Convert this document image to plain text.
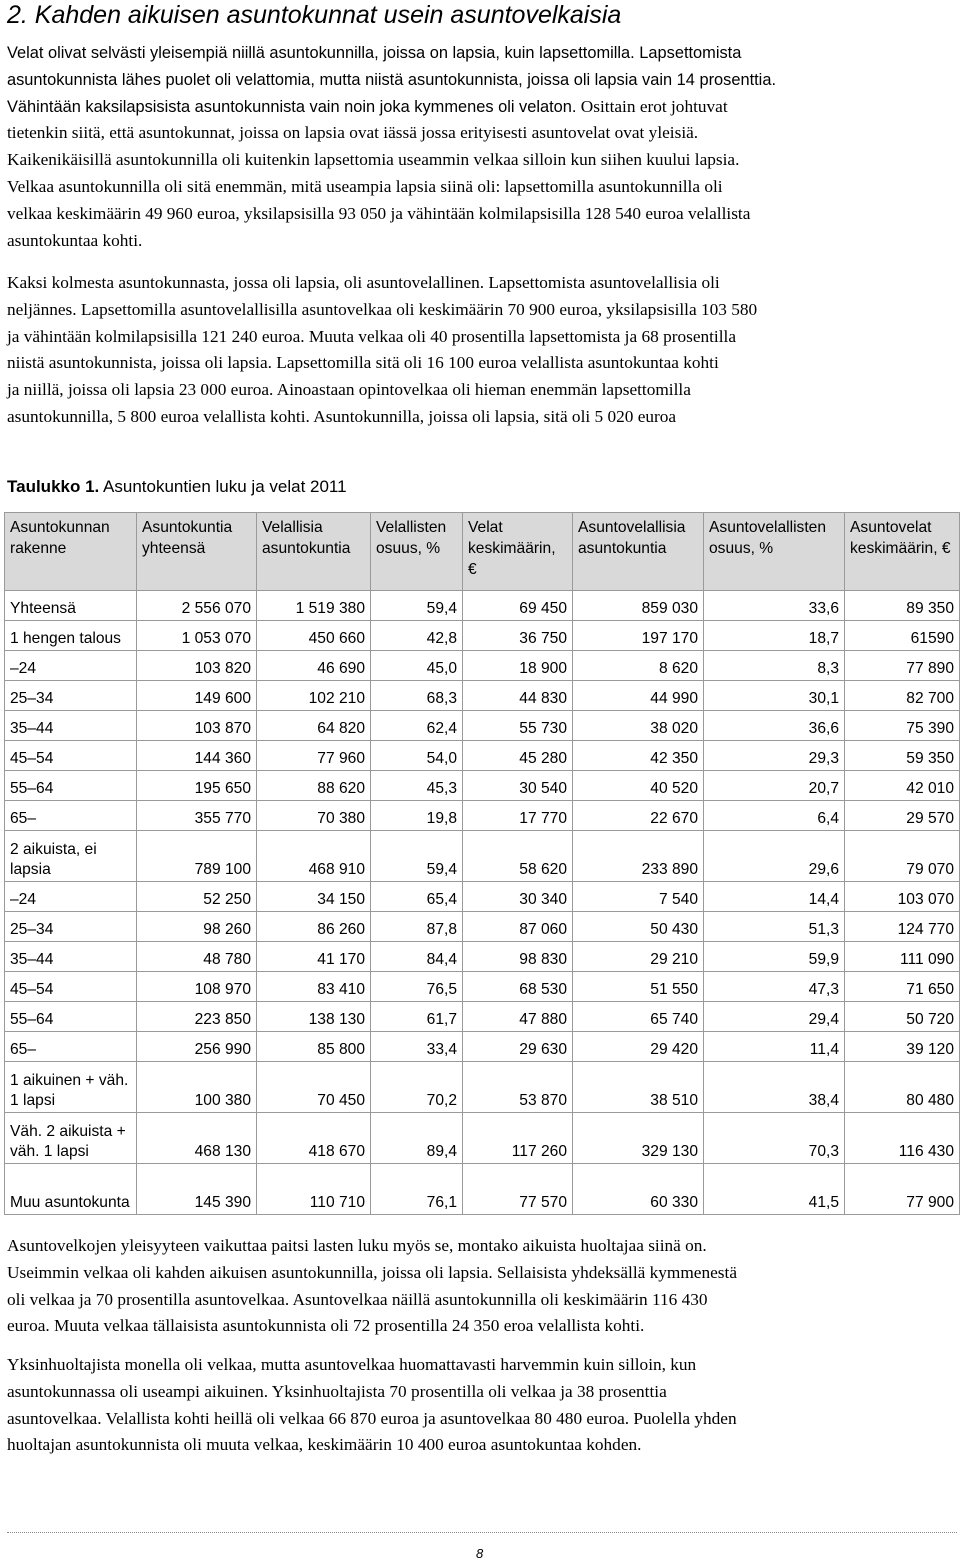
2. Kahden aikuisen asuntokunnat usein asuntovelkaisia

Velat olivat selvästi yleisempiä niillä asuntokunnilla, joissa on lapsia, kuin lapsettomilla. Lapsettomista
asuntokunnista lähes puolet oli velattomia, mutta niistä asuntokunnista, joissa oli lapsia vain 14 prosenttia.
Vähintään kaksilapsisista asuntokunnista vain noin joka kymmenes oli velaton. Osittain erot johtuvat
tietenkin siitä, että asuntokunnat, joissa on lapsia ovat iässä jossa erityisesti asuntovelat ovat yleisiä.
Kaikenikäisillä asuntokunnilla oli kuitenkin lapsettomia useammin velkaa silloin kun siihen kuului lapsia.
Velkaa asuntokunnilla oli sitä enemmän, mitä useampia lapsia siinä oli: lapsettomilla asuntokunnilla oli
velkaa keskimäärin 49 960 euroa, yksilapsisilla 93 050 ja vähintään kolmilapsisilla 128 540 euroa velallista
asuntokuntaa kohti.

Kaksi kolmesta asuntokunnasta, jossa oli lapsia, oli asuntovelallinen. Lapsettomista asuntovelallisia oli
neljännes. Lapsettomilla asuntovelallisilla asuntovelkaa oli keskimäärin 70 900 euroa, yksilapsisilla 103 580
ja vähintään kolmilapsisilla 121 240 euroa. Muuta velkaa oli 40 prosentilla lapsettomista ja 68 prosentilla
niistä asuntokunnista, joissa oli lapsia. Lapsettomilla sitä oli 16 100 euroa velallista asuntokuntaa kohti
ja niillä, joissa oli lapsia 23 000 euroa. Ainoastaan opintovelkaa oli hieman enemmän lapsettomilla
asuntokunnilla, 5 800 euroa velallista kohti. Asuntokunnilla, joissa oli lapsia, sitä oli 5 020 euroa

Taulukko 1. Asuntokuntien luku ja velat 2011

Asuntokunnan rakenne	Asuntokuntia yhteensä	Velallisia asuntokuntia	Velallisten osuus, %	Velat keskimäärin, €	Asuntovelallisia asuntokuntia	Asuntovelallisten osuus, %	Asuntovelat keskimäärin, €
Yhteensä	2 556 070	1 519 380	59,4	69 450	859 030	33,6	89 350
1 hengen talous	1 053 070	450 660	42,8	36 750	197 170	18,7	61590
–24	103 820	46 690	45,0	18 900	8 620	8,3	77 890
25–34	149 600	102 210	68,3	44 830	44 990	30,1	82 700
35–44	103 870	64 820	62,4	55 730	38 020	36,6	75 390
45–54	144 360	77 960	54,0	45 280	42 350	29,3	59 350
55–64	195 650	88 620	45,3	30 540	40 520	20,7	42 010
65–	355 770	70 380	19,8	17 770	22 670	6,4	29 570
2 aikuista, ei lapsia	789 100	468 910	59,4	58 620	233 890	29,6	79 070
–24	52 250	34 150	65,4	30 340	7 540	14,4	103 070
25–34	98 260	86 260	87,8	87 060	50 430	51,3	124 770
35–44	48 780	41 170	84,4	98 830	29 210	59,9	111 090
45–54	108 970	83 410	76,5	68 530	51 550	47,3	71 650
55–64	223 850	138 130	61,7	47 880	65 740	29,4	50 720
65–	256 990	85 800	33,4	29 630	29 420	11,4	39 120
1 aikuinen + väh. 1 lapsi	100 380	70 450	70,2	53 870	38 510	38,4	80 480
Väh. 2 aikuista + väh. 1 lapsi	468 130	418 670	89,4	117 260	329 130	70,3	116 430
Muu asuntokunta	145 390	110 710	76,1	77 570	60 330	41,5	77 900

Asuntovelkojen yleisyyteen vaikuttaa paitsi lasten luku myös se, montako aikuista huoltajaa siinä on.
Useimmin velkaa oli kahden aikuisen asuntokunnilla, joissa oli lapsia. Sellaisista yhdeksällä kymmenestä
oli velkaa ja 70 prosentilla asuntovelkaa. Asuntovelkaa näillä asuntokunnilla oli keskimäärin 116 430
euroa. Muuta velkaa tällaisista asuntokunnista oli 72 prosentilla 24 350 eroa velallista kohti.

Yksinhuoltajista monella oli velkaa, mutta asuntovelkaa huomattavasti harvemmin kuin silloin, kun
asuntokunnassa oli useampi aikuinen. Yksinhuoltajista 70 prosentilla oli velkaa ja 38 prosenttia
asuntovelkaa. Velallista kohti heillä oli velkaa 66 870 euroa ja asuntovelkaa 80 480 euroa. Puolella yhden
huoltajan asuntokunnista oli muuta velkaa, keskimäärin 10 400 euroa asuntokuntaa kohden.

8
